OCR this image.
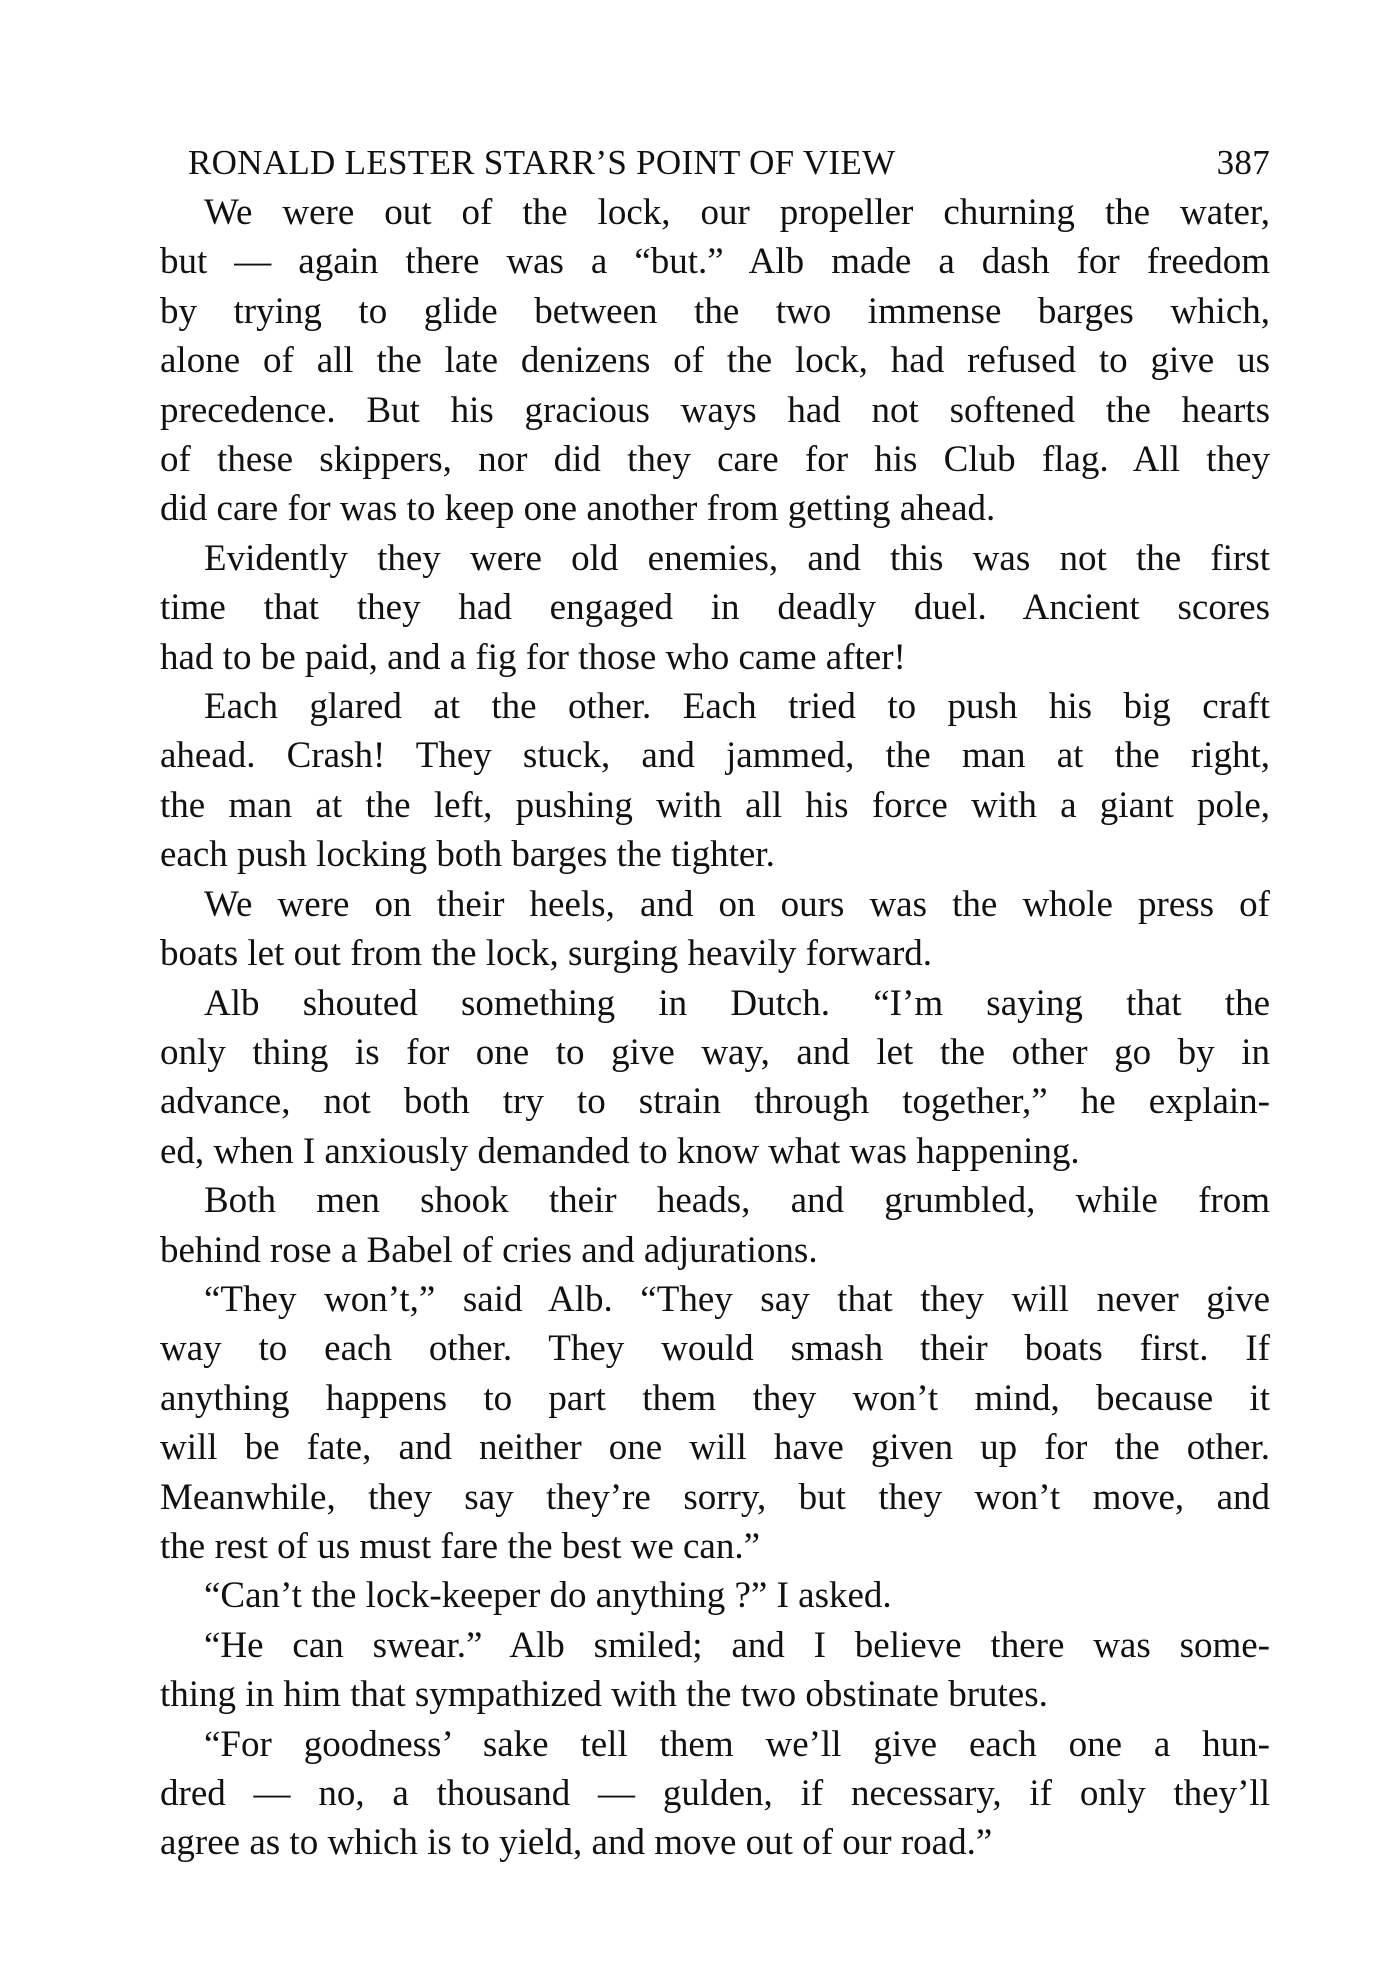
RONALD LESTER STARR’S POINT OF VIEW	387

We were out of the lock, our propeller churning the water,
but — again there was a “but.” Alb made a dash for freedom
by trying to glide between the two immense barges which,
alone of all the late denizens of the lock, had refused to give us
precedence. But his gracious ways had not softened the hearts
of these skippers, nor did they care for his Club flag. All they
did care for was to keep one another from getting ahead.

Evidently they were old enemies, and this was not the first
time that they had engaged in deadly duel. Ancient scores
had to be paid, and a fig for those who came after!

Each glared at the other. Each tried to push his big craft
ahead. Crash! They stuck, and jammed, the man at the right,
the man at the left, pushing with all his force with a giant pole,
each push locking both barges the tighter.

We were on their heels, and on ours was the whole press of
boats let out from the lock, surging heavily forward.

Alb shouted something in Dutch. “I’m saying that the
only thing is for one to give way, and let the other go by in
advance, not both try to strain through together,” he explain-
ed, when I anxiously demanded to know what was happening.

Both men shook their heads, and grumbled, while from
behind rose a Babel of cries and adjurations.

“They won’t,” said Alb. “They say that they will never give
way to each other. They would smash their boats first. If
anything happens to part them they won’t mind, because it
will be fate, and neither one will have given up for the other.
Meanwhile, they say they’re sorry, but they won’t move, and
the rest of us must fare the best we can.”

“Can’t the lock-keeper do anything ?” I asked.

“He can swear.” Alb smiled; and I believe there was some-
thing in him that sympathized with the two obstinate brutes.

“For goodness’ sake tell them we’ll give each one a hun-
dred — no, a thousand — gulden, if necessary, if only they’ll
agree as to which is to yield, and move out of our road.”
